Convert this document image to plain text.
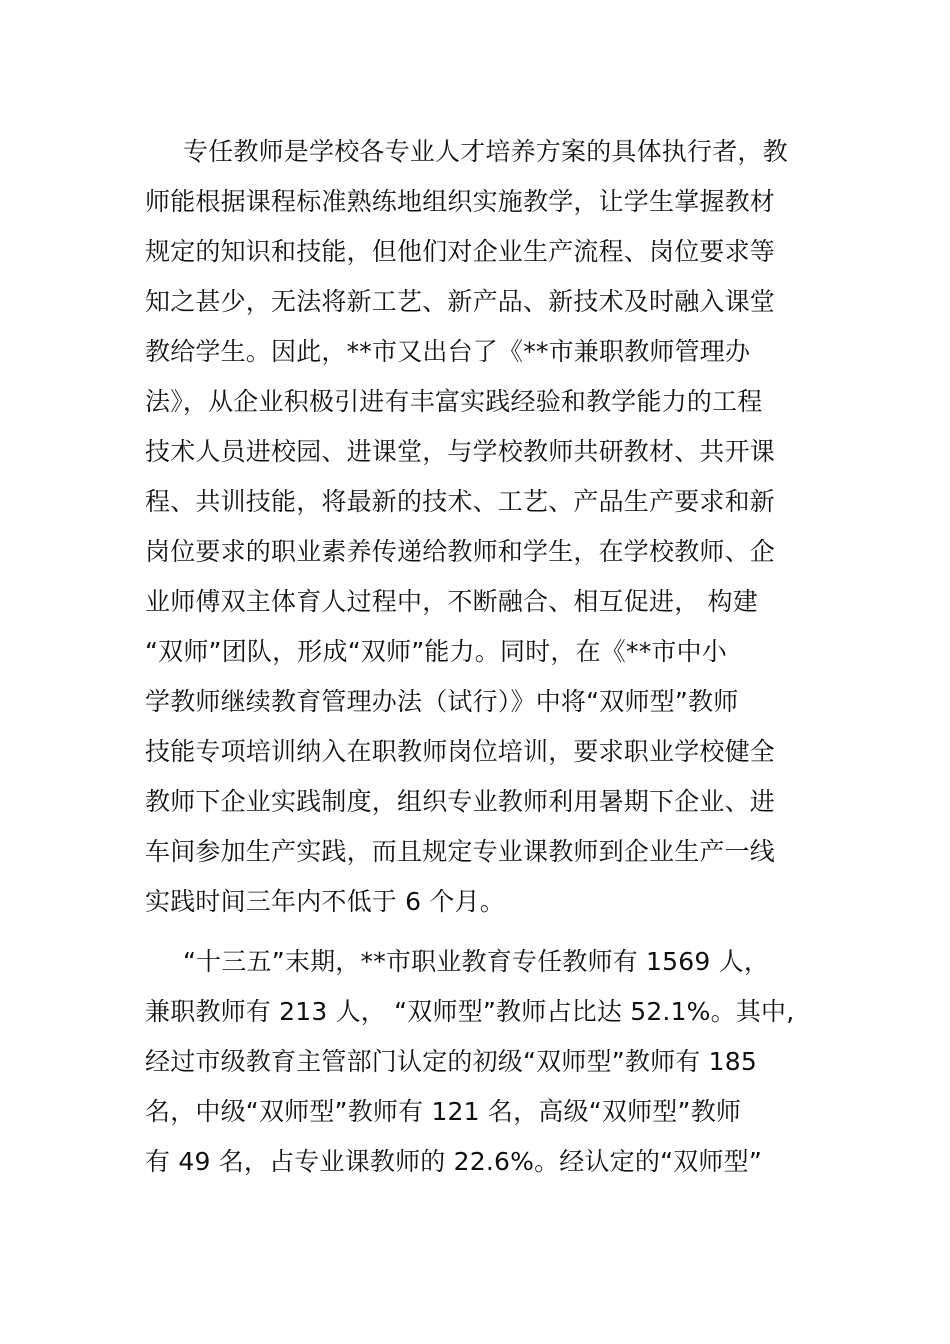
专任教师是学校各专业人才培养方案的具体执行者，教
师能根据课程标准熟练地组织实施教学，让学生掌握教材
规定的知识和技能，但他们对企业生产流程、岗位要求等
知之甚少，无法将新工艺、新产品、新技术及时融入课堂
教给学生。因此，**市又出台了《**市兼职教师管理办
法》，从企业积极引进有丰富实践经验和教学能力的工程
技术人员进校园、进课堂，与学校教师共研教材、共开课
程、共训技能，将最新的技术、工艺、产品生产要求和新
岗位要求的职业素养传递给教师和学生，在学校教师、企
业师傅双主体育人过程中，不断融合、相互促进， 构建
“双师”团队，形成“双师”能力。同时，在《**市中小
学教师继续教育管理办法（试行）》中将“双师型”教师
技能专项培训纳入在职教师岗位培训，要求职业学校健全
教师下企业实践制度，组织专业教师利用暑期下企业、进
车间参加生产实践，而且规定专业课教师到企业生产一线
实践时间三年内不低于 6 个月。
“十三五”末期，**市职业教育专任教师有 1569 人，
兼职教师有 213 人， “双师型”教师占比达 52.1%。其中,
经过市级教育主管部门认定的初级“双师型”教师有 185
名，中级“双师型”教师有 121 名，高级“双师型”教师
有 49 名，占专业课教师的 22.6%。经认定的“双师型”
